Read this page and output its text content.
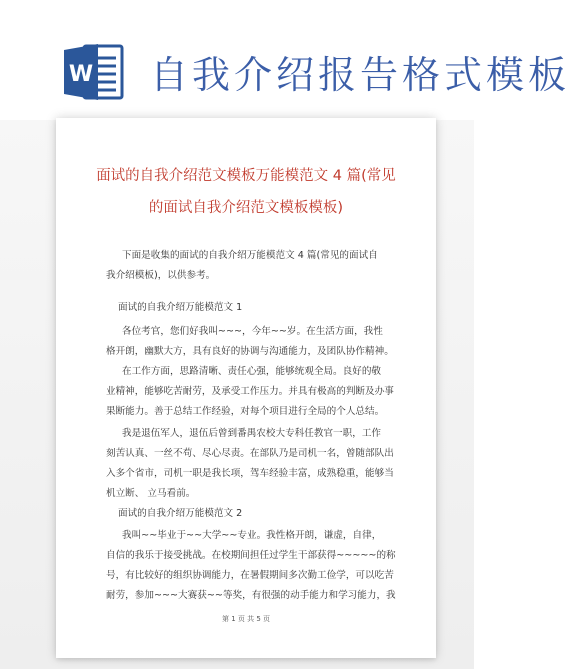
W 自我介绍报告格式模板
面试的自我介绍范文模板万能模范文 4 篇(常见
的面试自我介绍范文模板模板)
下面是收集的面试的自我介绍万能模范文 4 篇(常见的面试自
我介绍模板)，以供参考。
面试的自我介绍万能模范文 1
各位考官，您们好我叫~~~，今年~~岁。在生活方面，我性
格开朗，幽默大方，具有良好的协调与沟通能力，及团队协作精神。
在工作方面，思路清晰、责任心强，能够统观全局。良好的敬
业精神，能够吃苦耐劳，及承受工作压力。并具有极高的判断及办事
果断能力。善于总结工作经验，对每个项目进行全局的个人总结。
我是退伍军人，退伍后曾到番禺农校大专科任教官一职，工作
刻苦认真、一丝不苟、尽心尽责。在部队乃是司机一名，曾随部队出
入多个省市，司机一职是我长项，驾车经验丰富，成熟稳重，能够当
机立断、 立马看前。
面试的自我介绍万能模范文 2
我叫~~毕业于~~大学~~专业。我性格开朗，谦虚，自律，
自信的我乐于接受挑战。在校期间担任过学生干部获得~~~~~的称
号，有比较好的组织协调能力，在暑假期间多次勤工俭学，可以吃苦
耐劳，参加~~~大赛获~~等奖，有很强的动手能力和学习能力，我
第 1 页 共 5 页
